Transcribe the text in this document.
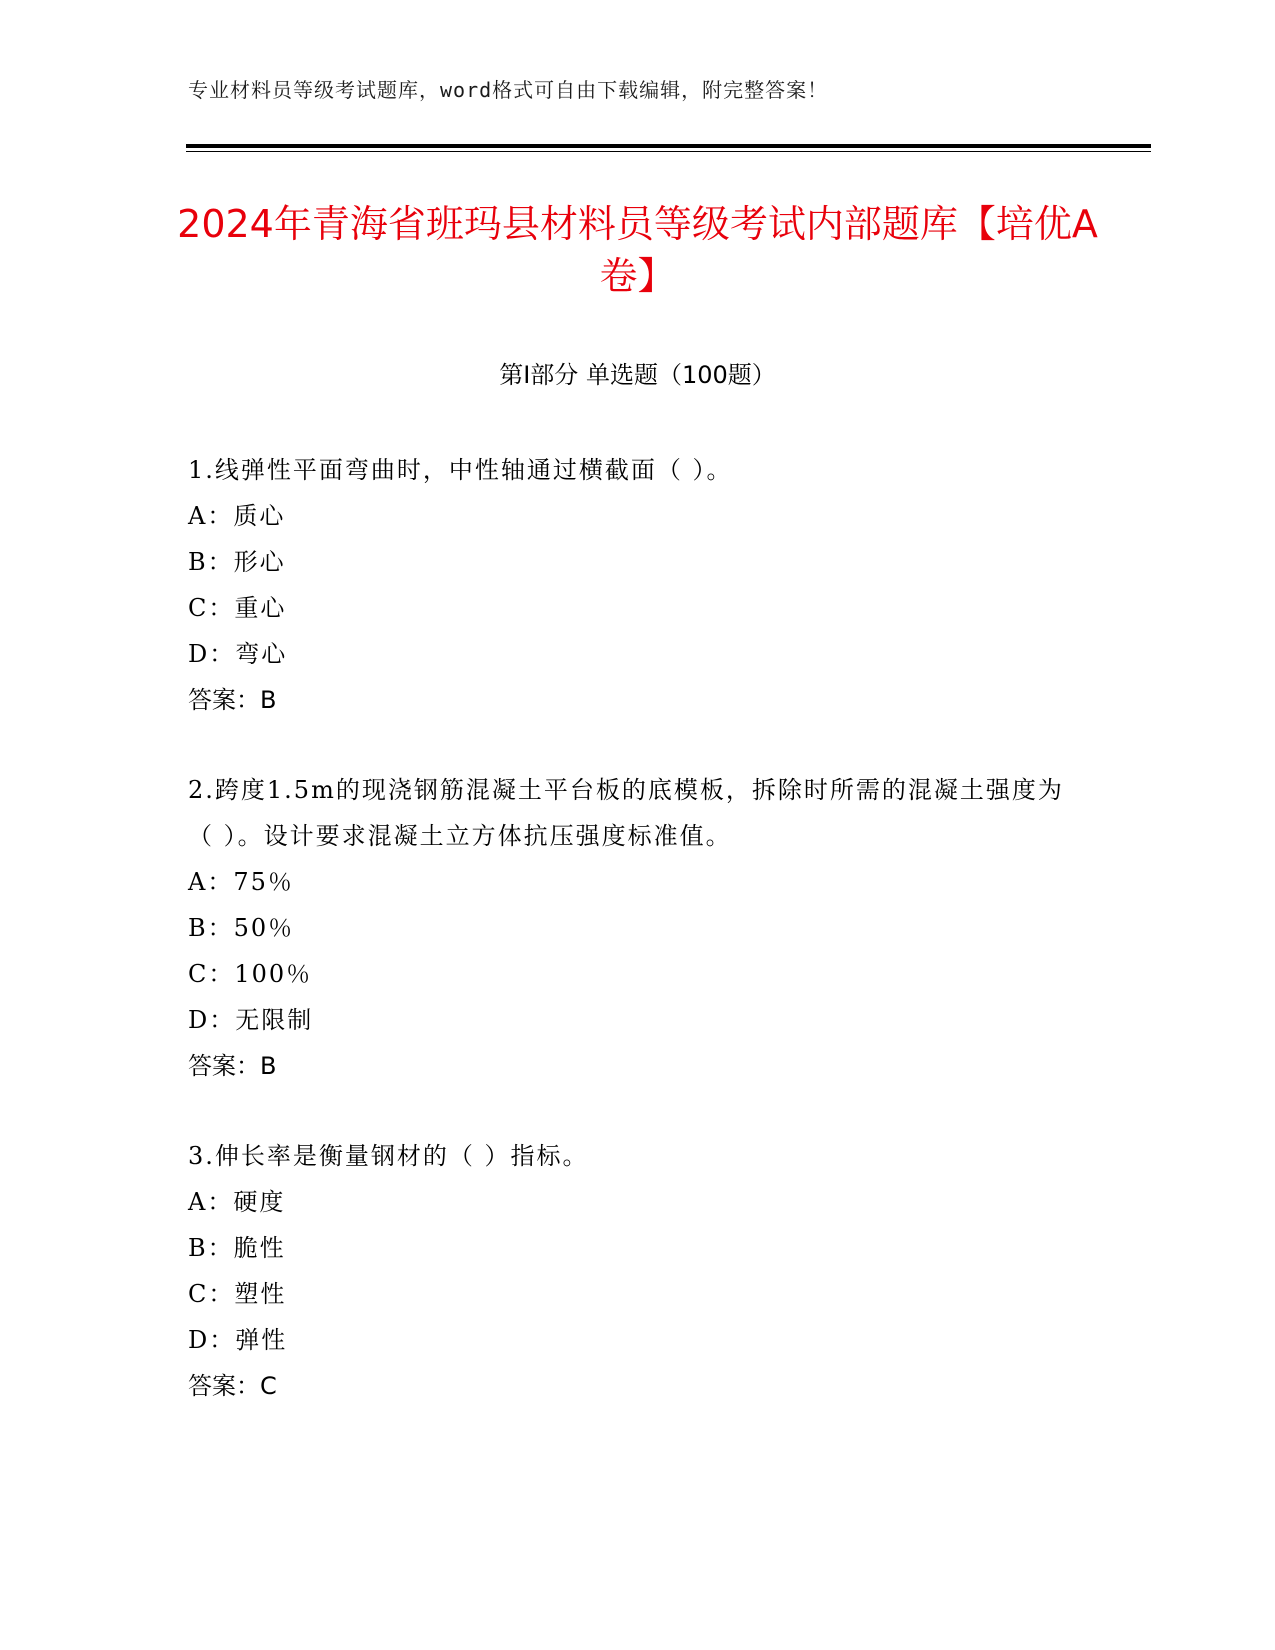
专业材料员等级考试题库，word格式可自由下载编辑，附完整答案！
2024年青海省班玛县材料员等级考试内部题库【培优A卷】
第I部分 单选题（100题）

1.线弹性平面弯曲时，中性轴通过横截面（ ）。

A：质心

B：形心

C：重心

D：弯心

答案：B

2.跨度1.5m的现浇钢筋混凝土平台板的底模板，拆除时所需的混凝土强度为（ ）。设计要求混凝土立方体抗压强度标准值。

A：75％

B：50％

C：100％

D：无限制

答案：B

3.伸长率是衡量钢材的（ ）指标。

A：硬度

B：脆性

C：塑性

D：弹性

答案：C
